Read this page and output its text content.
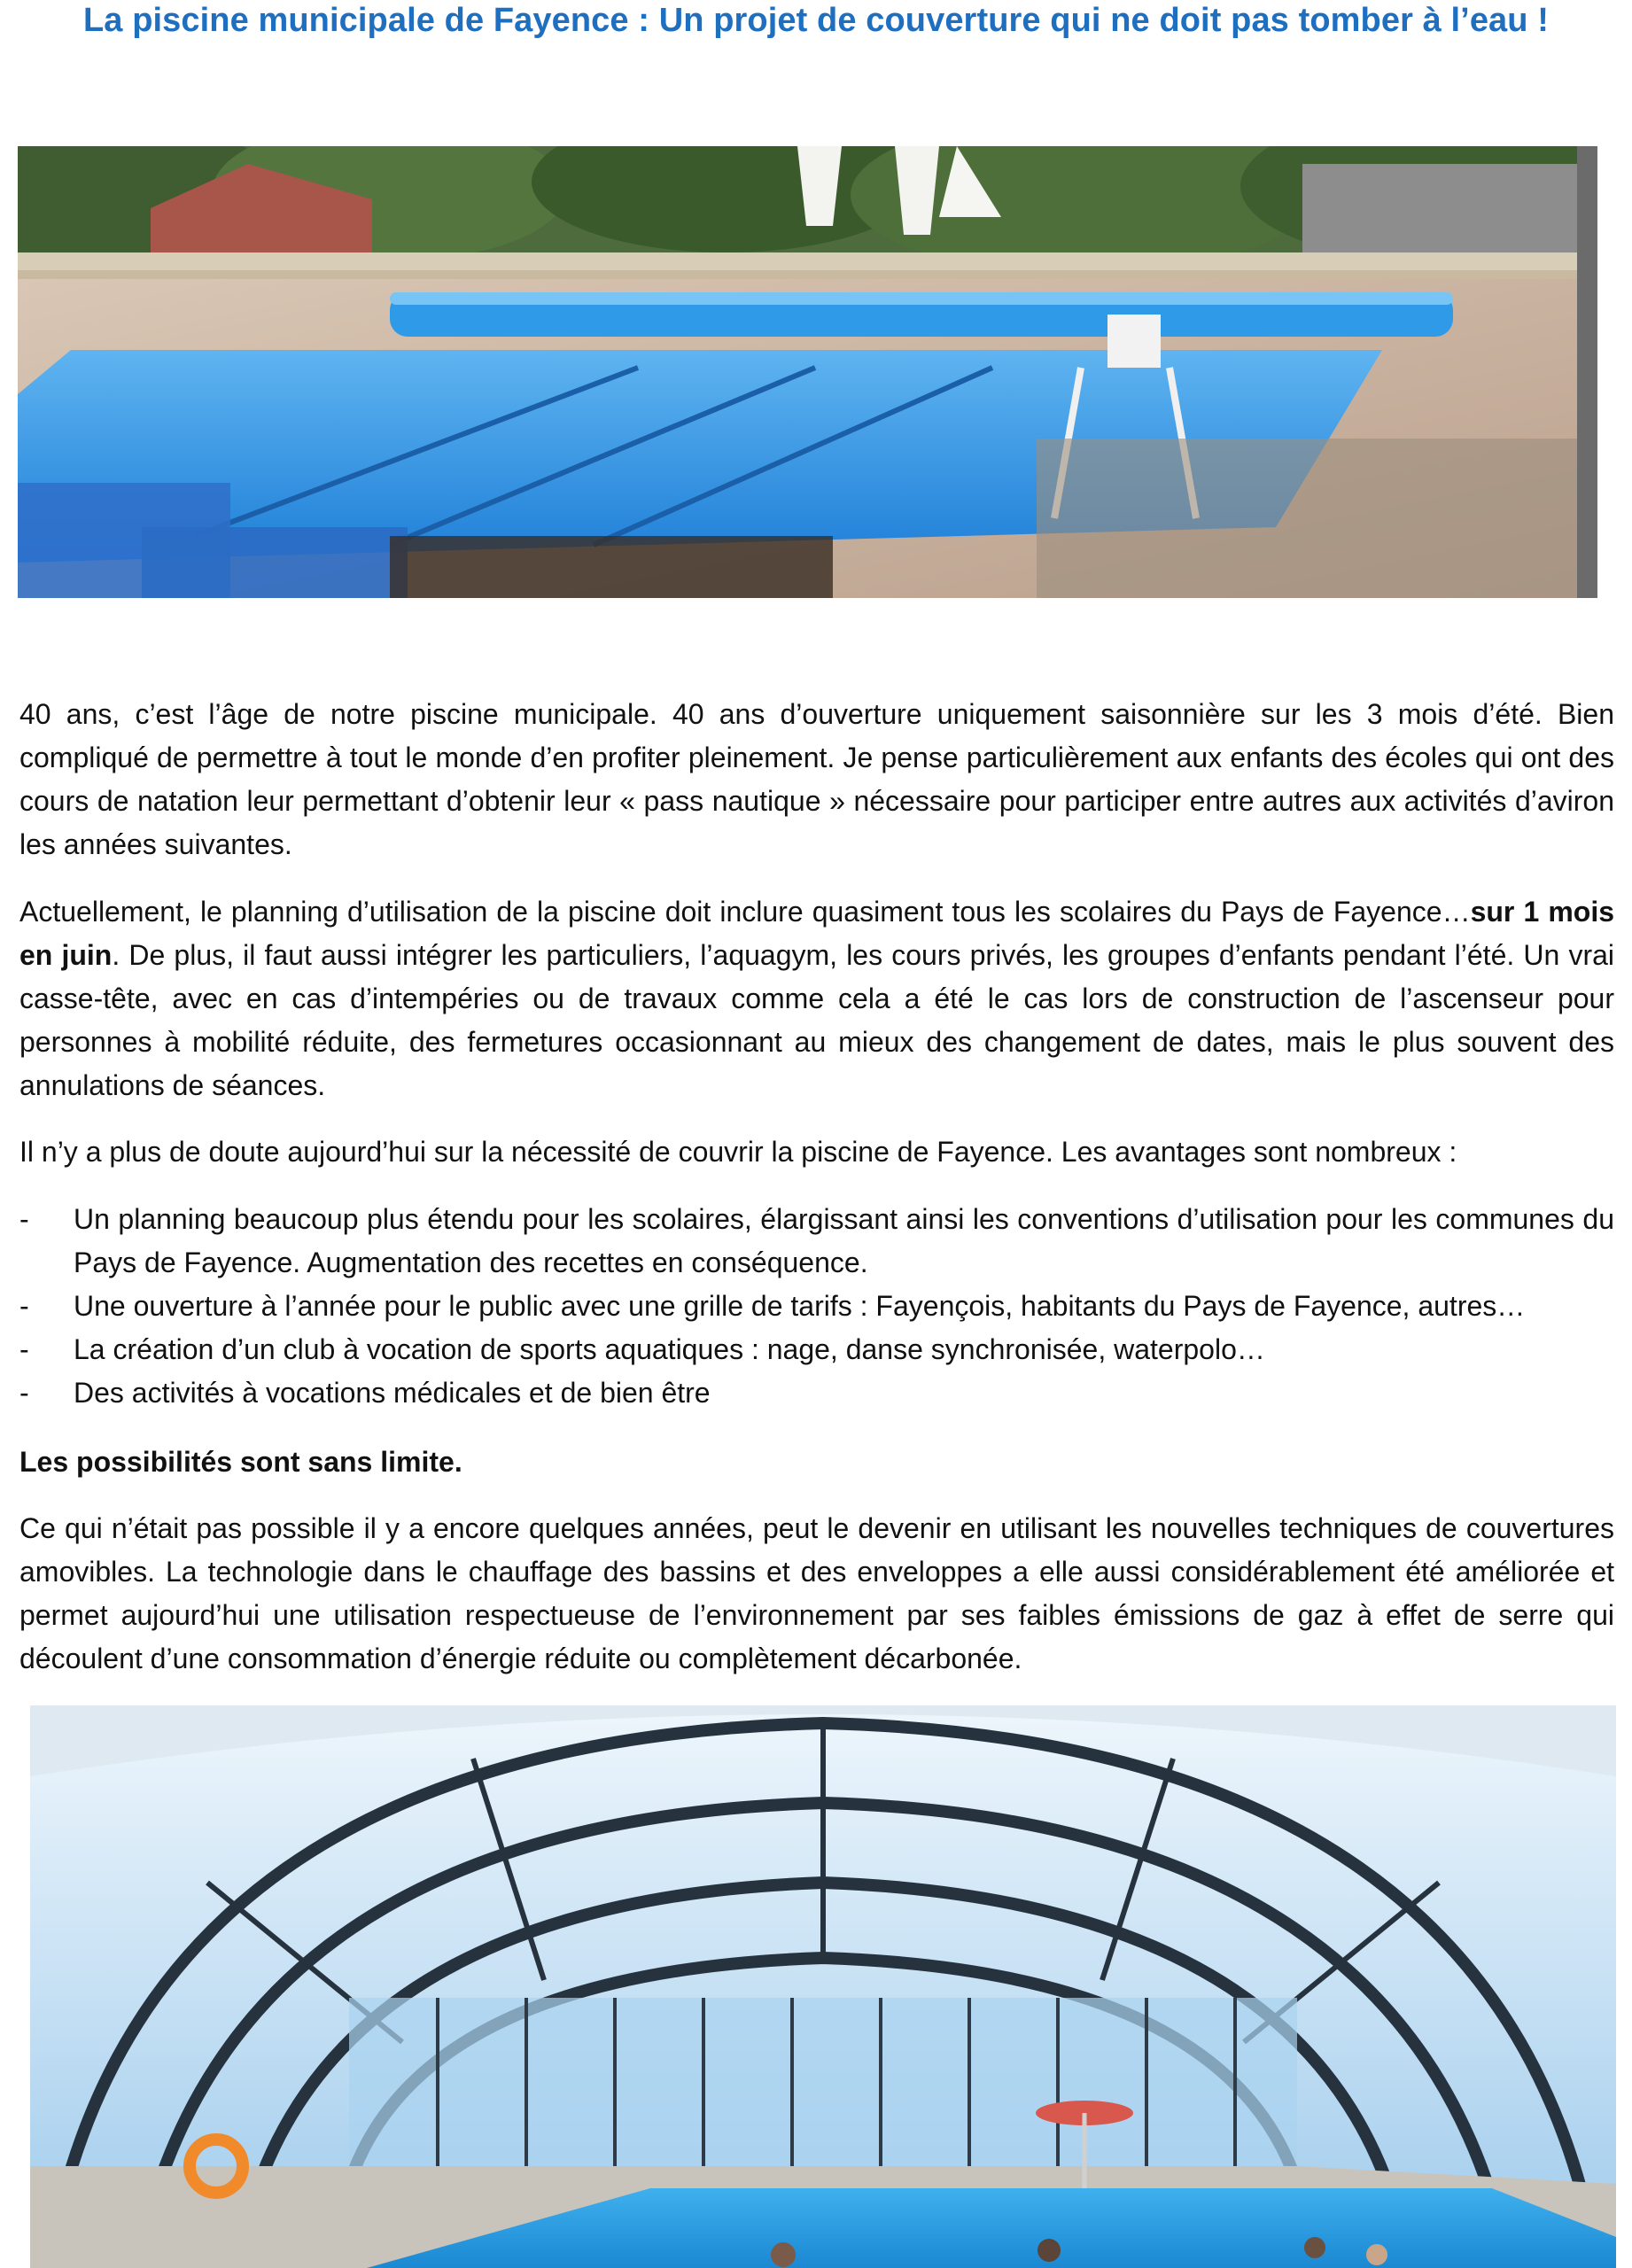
La piscine municipale de Fayence : Un projet de couverture qui ne doit pas tomber à l’eau !

40 ans, c’est l’âge de notre piscine municipale. 40 ans d’ouverture uniquement saisonnière sur les 3 mois d’été. Bien compliqué de permettre à tout le monde d’en profiter pleinement. Je pense particulièrement aux enfants des écoles qui ont des cours de natation leur permettant d’obtenir leur « pass nautique » nécessaire pour participer entre autres aux activités d’aviron les années suivantes.

Actuellement, le planning d’utilisation de la piscine doit inclure quasiment tous les scolaires du Pays de Fayence…sur 1 mois en juin. De plus, il faut aussi intégrer les particuliers, l’aquagym, les cours privés, les groupes d’enfants pendant l’été. Un vrai casse-tête, avec en cas d’intempéries ou de travaux comme cela a été le cas lors de construction de l’ascenseur pour personnes à mobilité réduite, des fermetures occasionnant au mieux des changement de dates, mais le plus souvent des annulations de séances.

Il n’y a plus de doute aujourd’hui sur la nécessité de couvrir la piscine de Fayence. Les avantages sont nombreux :

- Un planning beaucoup plus étendu pour les scolaires, élargissant ainsi les conventions d’utilisation pour les communes du Pays de Fayence. Augmentation des recettes en conséquence.
- Une ouverture à l’année pour le public avec une grille de tarifs : Fayençois, habitants du Pays de Fayence, autres…
- La création d’un club à vocation de sports aquatiques : nage, danse synchronisée, waterpolo…
- Des activités à vocations médicales et de bien être

Les possibilités sont sans limite.

Ce qui n’était pas possible il y a encore quelques années, peut le devenir en utilisant les nouvelles techniques de couvertures amovibles. La technologie dans le chauffage des bassins et des enveloppes a elle aussi considérablement été améliorée et permet aujourd’hui une utilisation respectueuse de l’environnement par ses faibles émissions de gaz à effet de serre qui découlent d’une consommation d’énergie réduite ou complètement décarbonée.
